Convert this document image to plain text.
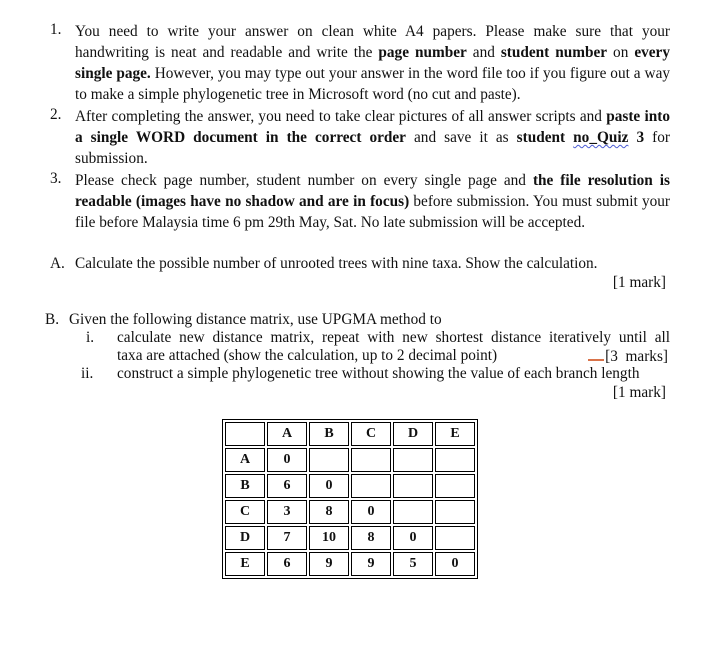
1. You need to write your answer on clean white A4 papers. Please make sure that your handwriting is neat and readable and write the page number and student number on every single page. However, you may type out your answer in the word file too if you figure out a way to make a simple phylogenetic tree in Microsoft word (no cut and paste).
2. After completing the answer, you need to take clear pictures of all answer scripts and paste into a single WORD document in the correct order and save it as student no_Quiz 3 for submission.
3. Please check page number, student number on every single page and the file resolution is readable (images have no shadow and are in focus) before submission. You must submit your file before Malaysia time 6 pm 29th May, Sat. No late submission will be accepted.
A. Calculate the possible number of unrooted trees with nine taxa. Show the calculation.
[1 mark]
B. Given the following distance matrix, use UPGMA method to
i. calculate new distance matrix, repeat with new shortest distance iteratively until all
taxa are attached (show the calculation, up to 2 decimal point)	[3  marks]
ii. construct a simple phylogenetic tree without showing the value of each branch length
[1 mark]
	A	B	C	D	E
A	0				
B	6	0			
C	3	8	0		
D	7	10	8	0	
E	6	9	9	5	0
